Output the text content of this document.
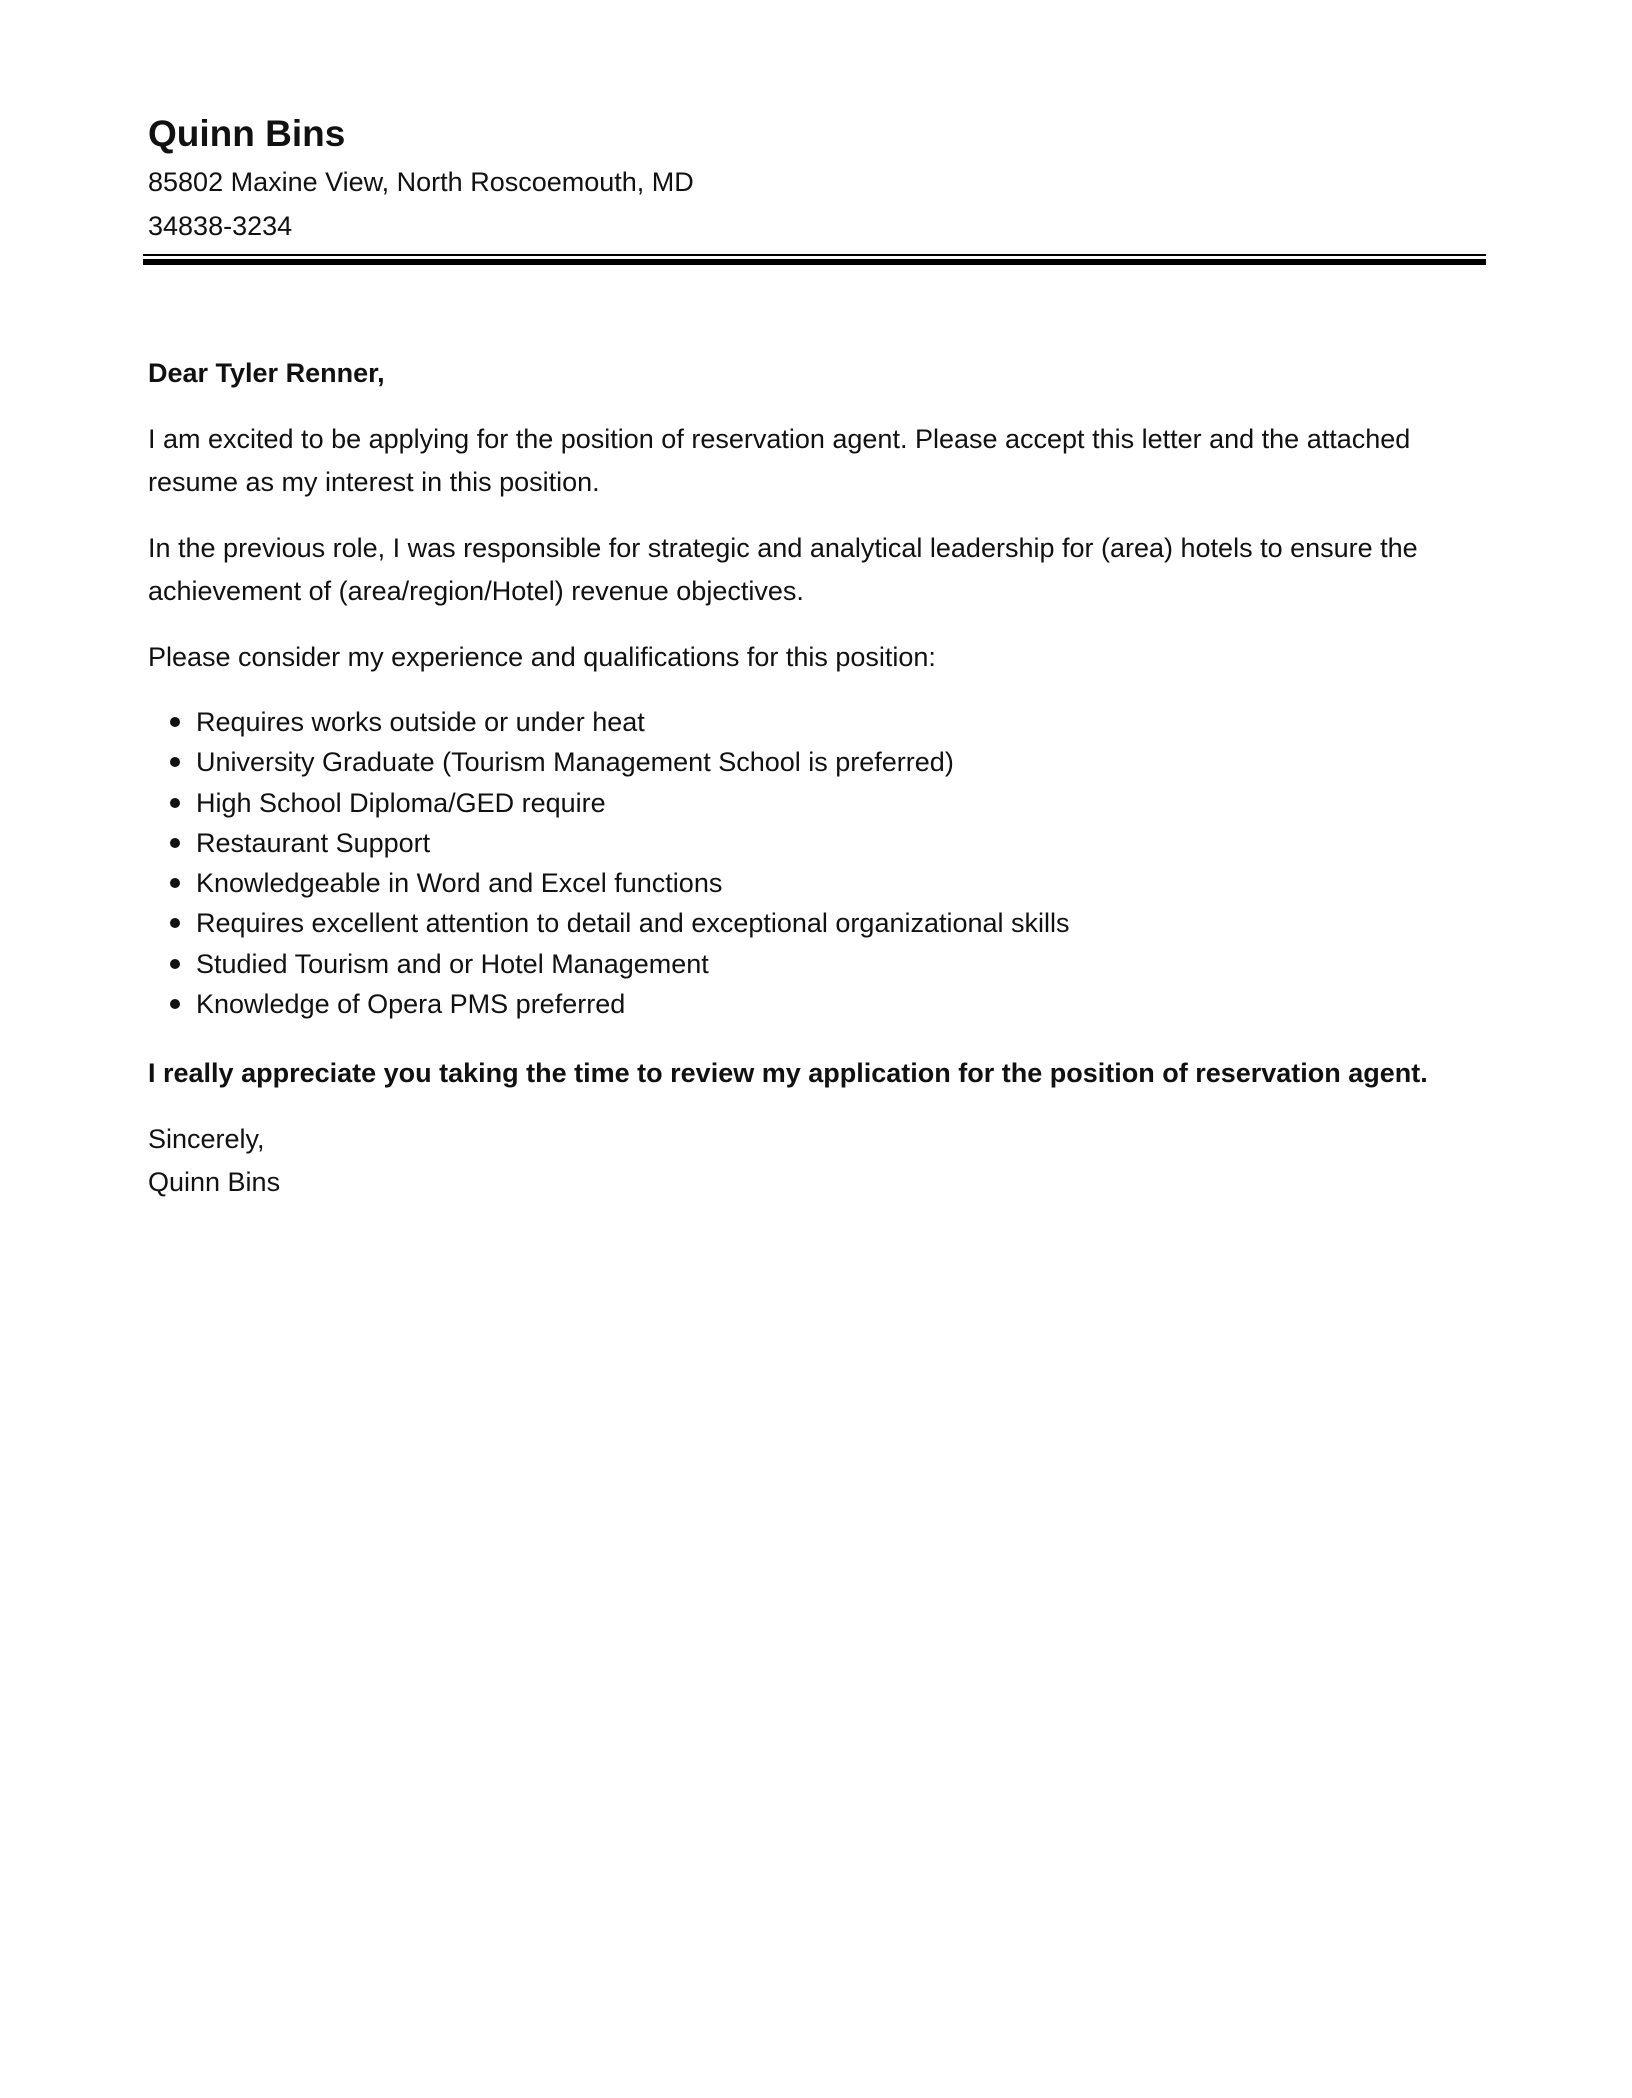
Quinn Bins

85802 Maxine View, North Roscoemouth, MD

34838-3234

Dear Tyler Renner,

I am excited to be applying for the position of reservation agent. Please accept this letter and the attached resume as my interest in this position.

In the previous role, I was responsible for strategic and analytical leadership for (area) hotels to ensure the achievement of (area/region/Hotel) revenue objectives.

Please consider my experience and qualifications for this position:

Requires works outside or under heat
University Graduate (Tourism Management School is preferred)
High School Diploma/GED require
Restaurant Support
Knowledgeable in Word and Excel functions
Requires excellent attention to detail and exceptional organizational skills
Studied Tourism and or Hotel Management
Knowledge of Opera PMS preferred

I really appreciate you taking the time to review my application for the position of reservation agent.

Sincerely,

Quinn Bins
